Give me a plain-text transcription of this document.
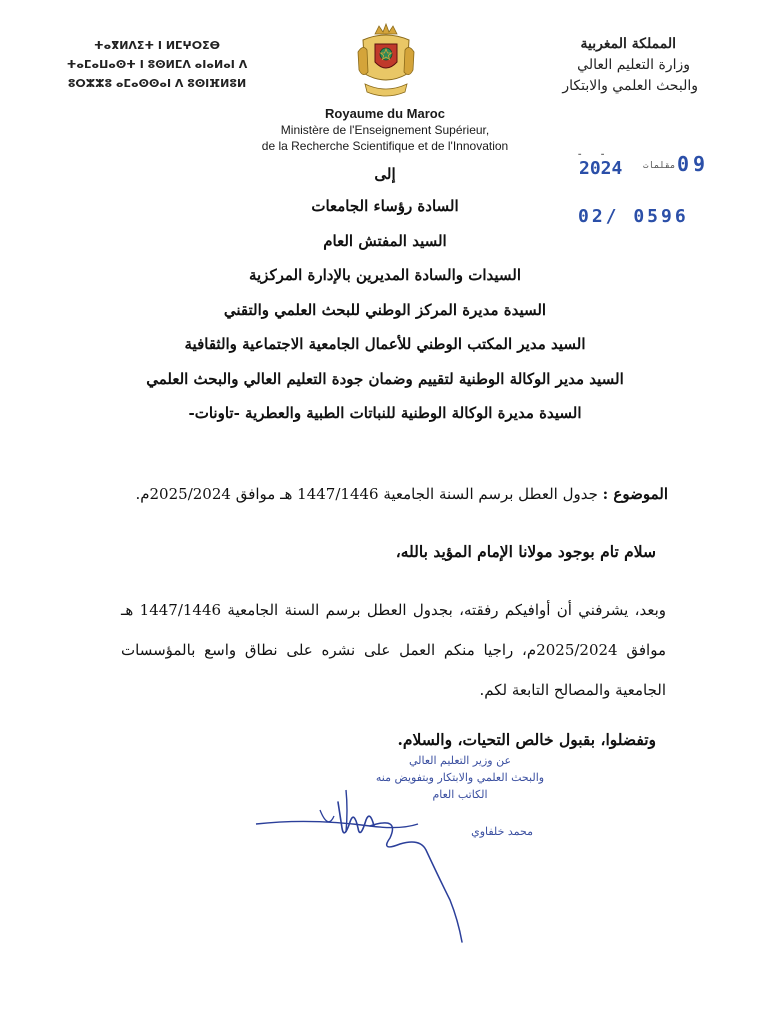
ⵜⴰⴳⵍⴷⵉⵜ ⵏ ⵍⵎⵖⵔⵉⴱ
ⵜⴰⵎⴰⵡⴰⵙⵜ ⵏ ⵓⵙⵍⵎⴷ ⴰⵏⴰⵍⴰⵏ ⴷ
ⵓⵔⵣⵣⵓ ⴰⵎⴰⵙⵙⴰⵏ ⴷ ⵓⵙⵏⴼⵍⵓⵍ
المملكة المغربية
وزارة التعليم العالي
والبحث العلمي والابتكار
Royaume du Maroc
Ministère de l'Enseignement Supérieur,
de la Recherche Scientifique et de l'Innovation
- -
2024 مقلمات 09
02/ 0596
إلى
السادة رؤساء الجامعات
السيد المفتش العام
السيدات والسادة المديرين بالإدارة المركزية
السيدة مديرة المركز الوطني للبحث العلمي والتقني
السيد مدير المكتب الوطني للأعمال الجامعية الاجتماعية والثقافية
السيد مدير الوكالة الوطنية لتقييم وضمان جودة التعليم العالي والبحث العلمي
السيدة مديرة الوكالة الوطنية للنباتات الطبية والعطرية -تاونات-
الموضوع : جدول العطل برسم السنة الجامعية 1447/1446 هـ موافق 2025/2024م.
سلام تام بوجود مولانا الإمام المؤيد بالله،
وبعد، يشرفني أن أوافيكم رفقته، بجدول العطل برسم السنة الجامعية 1447/1446 هـ موافق 2025/2024م، راجيا منكم العمل على نشره على نطاق واسع بالمؤسسات الجامعية والمصالح التابعة لكم.
وتفضلوا، بقبول خالص التحيات، والسلام.
عن وزير التعليم العالي
والبحث العلمي والابتكار وبتفويض منه
الكاتب العام
محمد خلفاوي
